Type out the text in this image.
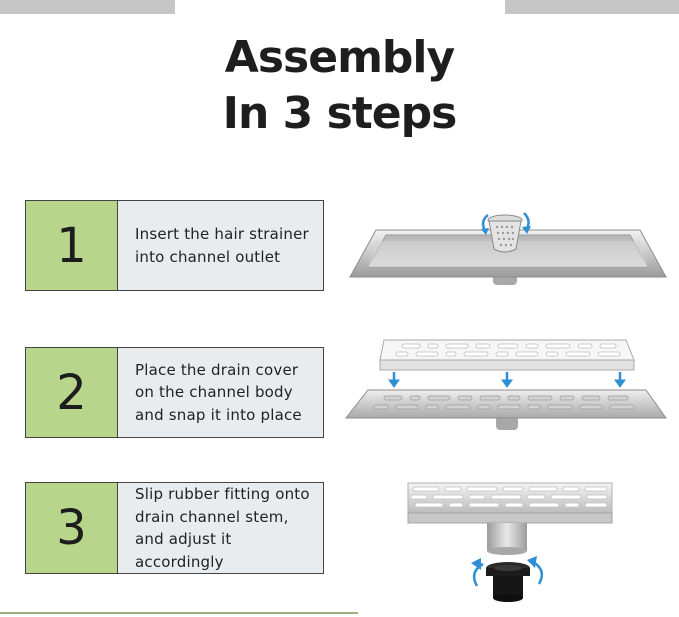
Assembly
In 3 steps
1	Insert the hair strainer into channel outlet
2	Place the drain cover on the channel body and snap it into place
3
Slip rubber fitting onto drain channel stem, and adjust it accordingly
